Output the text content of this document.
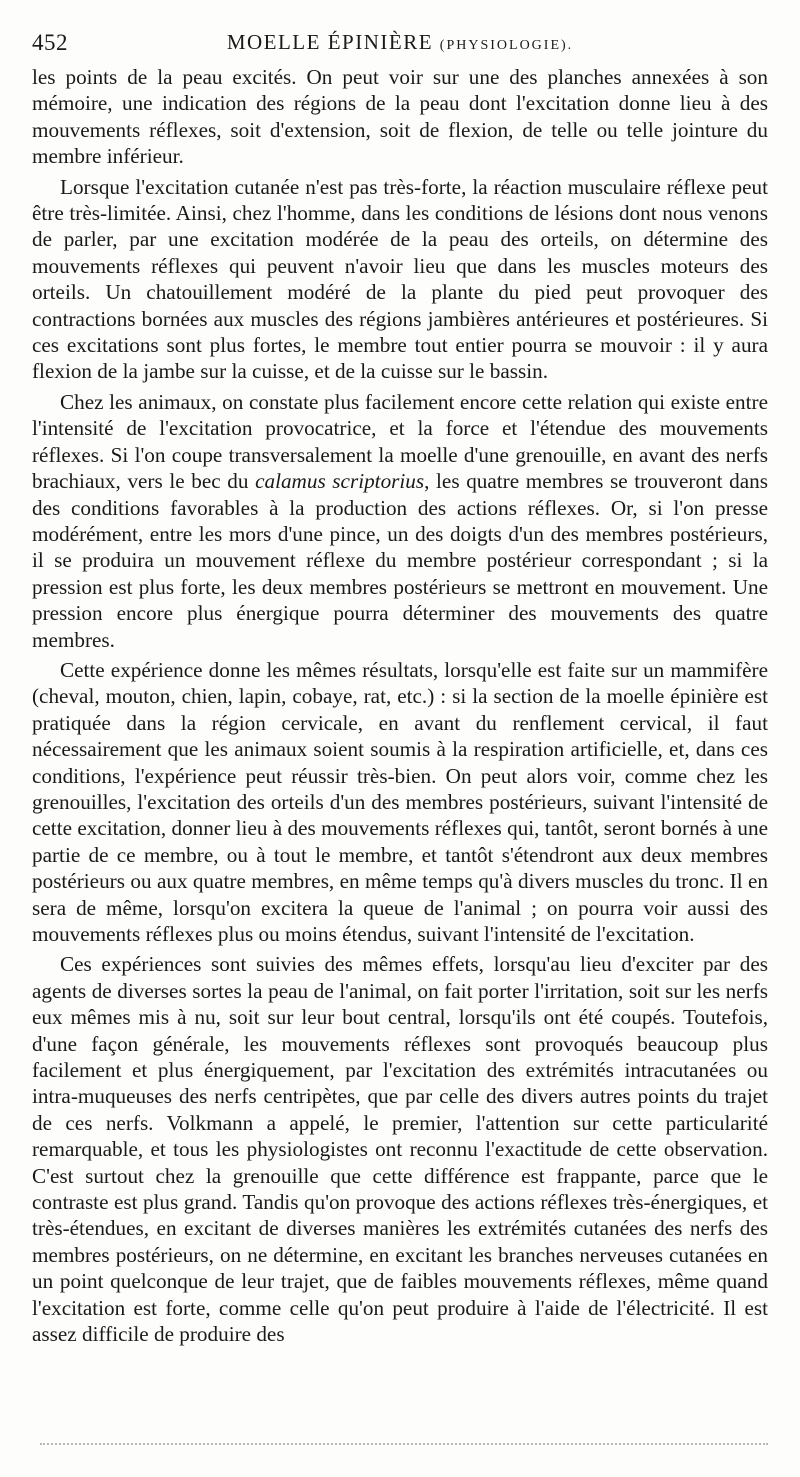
452	MOELLE ÉPINIÈRE (PHYSIOLOGIE).

les points de la peau excités. On peut voir sur une des planches annexées à son mémoire, une indication des régions de la peau dont l'excitation donne lieu à des mouvements réflexes, soit d'extension, soit de flexion, de telle ou telle jointure du membre inférieur.

Lorsque l'excitation cutanée n'est pas très-forte, la réaction musculaire réflexe peut être très-limitée. Ainsi, chez l'homme, dans les conditions de lésions dont nous venons de parler, par une excitation modérée de la peau des orteils, on détermine des mouvements réflexes qui peuvent n'avoir lieu que dans les muscles moteurs des orteils. Un chatouillement modéré de la plante du pied peut provoquer des contractions bornées aux muscles des régions jambières antérieures et postérieures. Si ces excitations sont plus fortes, le membre tout entier pourra se mouvoir : il y aura flexion de la jambe sur la cuisse, et de la cuisse sur le bassin.

Chez les animaux, on constate plus facilement encore cette relation qui existe entre l'intensité de l'excitation provocatrice, et la force et l'étendue des mouvements réflexes. Si l'on coupe transversalement la moelle d'une grenouille, en avant des nerfs brachiaux, vers le bec du calamus scriptorius, les quatre membres se trouveront dans des conditions favorables à la production des actions réflexes. Or, si l'on presse modérément, entre les mors d'une pince, un des doigts d'un des membres postérieurs, il se produira un mouvement réflexe du membre postérieur correspondant ; si la pression est plus forte, les deux membres postérieurs se mettront en mouvement. Une pression encore plus énergique pourra déterminer des mouvements des quatre membres.

Cette expérience donne les mêmes résultats, lorsqu'elle est faite sur un mammifère (cheval, mouton, chien, lapin, cobaye, rat, etc.) : si la section de la moelle épinière est pratiquée dans la région cervicale, en avant du renflement cervical, il faut nécessairement que les animaux soient soumis à la respiration artificielle, et, dans ces conditions, l'expérience peut réussir très-bien. On peut alors voir, comme chez les grenouilles, l'excitation des orteils d'un des membres postérieurs, suivant l'intensité de cette excitation, donner lieu à des mouvements réflexes qui, tantôt, seront bornés à une partie de ce membre, ou à tout le membre, et tantôt s'étendront aux deux membres postérieurs ou aux quatre membres, en même temps qu'à divers muscles du tronc. Il en sera de même, lorsqu'on excitera la queue de l'animal ; on pourra voir aussi des mouvements réflexes plus ou moins étendus, suivant l'intensité de l'excitation.

Ces expériences sont suivies des mêmes effets, lorsqu'au lieu d'exciter par des agents de diverses sortes la peau de l'animal, on fait porter l'irritation, soit sur les nerfs eux mêmes mis à nu, soit sur leur bout central, lorsqu'ils ont été coupés. Toutefois, d'une façon générale, les mouvements réflexes sont provoqués beaucoup plus facilement et plus énergiquement, par l'excitation des extrémités intracutanées ou intra-muqueuses des nerfs centripètes, que par celle des divers autres points du trajet de ces nerfs. Volkmann a appelé, le premier, l'attention sur cette particularité remarquable, et tous les physiologistes ont reconnu l'exactitude de cette observation. C'est surtout chez la grenouille que cette différence est frappante, parce que le contraste est plus grand. Tandis qu'on provoque des actions réflexes très-énergiques, et très-étendues, en excitant de diverses manières les extrémités cutanées des nerfs des membres postérieurs, on ne détermine, en excitant les branches nerveuses cutanées en un point quelconque de leur trajet, que de faibles mouvements réflexes, même quand l'excitation est forte, comme celle qu'on peut produire à l'aide de l'électricité. Il est assez difficile de produire des
